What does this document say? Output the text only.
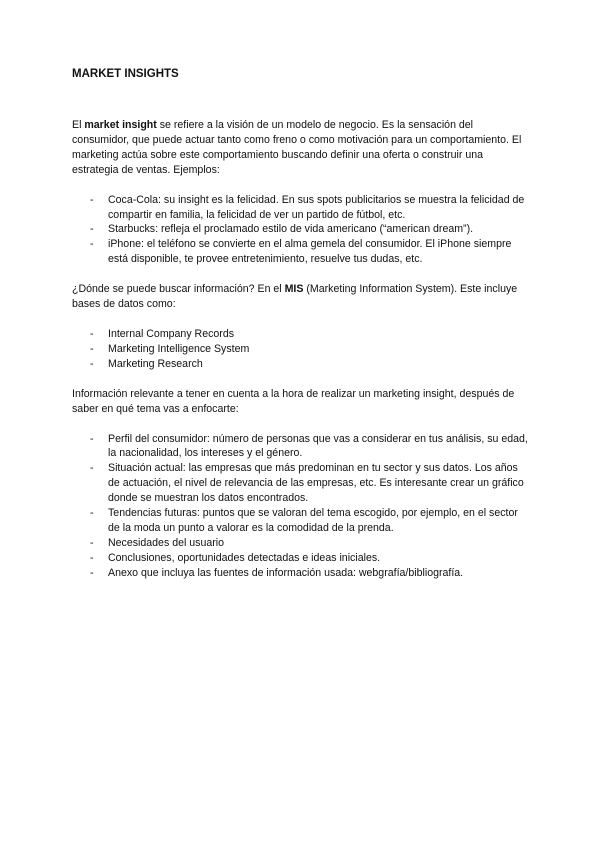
MARKET INSIGHTS

El market insight se refiere a la visión de un modelo de negocio. Es la sensación del consumidor, que puede actuar tanto como freno o como motivación para un comportamiento. El marketing actúa sobre este comportamiento buscando definir una oferta o construir una estrategia de ventas. Ejemplos:

- Coca-Cola: su insight es la felicidad. En sus spots publicitarios se muestra la felicidad de compartir en familia, la felicidad de ver un partido de fútbol, etc.
- Starbucks: refleja el proclamado estilo de vida americano (“american dream”).
- iPhone: el teléfono se convierte en el alma gemela del consumidor. El iPhone siempre está disponible, te provee entretenimiento, resuelve tus dudas, etc.

¿Dónde se puede buscar información? En el MIS (Marketing Information System). Este incluye bases de datos como:

- Internal Company Records
- Marketing Intelligence System
- Marketing Research

Información relevante a tener en cuenta a la hora de realizar un marketing insight, después de saber en qué tema vas a enfocarte:

- Perfil del consumidor: número de personas que vas a considerar en tus análisis, su edad, la nacionalidad, los intereses y el género.
- Situación actual: las empresas que más predominan en tu sector y sus datos. Los años de actuación, el nivel de relevancia de las empresas, etc. Es interesante crear un gráfico donde se muestran los datos encontrados.
- Tendencias futuras: puntos que se valoran del tema escogido, por ejemplo, en el sector de la moda un punto a valorar es la comodidad de la prenda.
- Necesidades del usuario
- Conclusiones, oportunidades detectadas e ideas iniciales.
- Anexo que incluya las fuentes de información usada: webgrafía/bibliografía.
